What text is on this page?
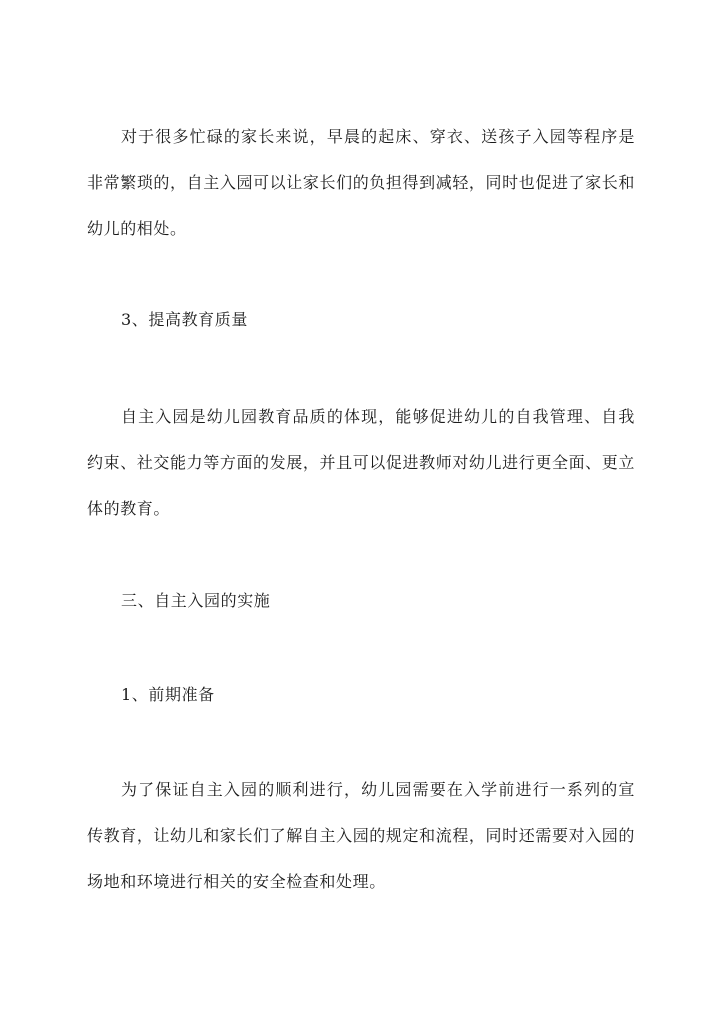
对于很多忙碌的家长来说，早晨的起床、穿衣、送孩子入园等程序是非常繁琐的，自主入园可以让家长们的负担得到减轻，同时也促进了家长和幼儿的相处。

3、提高教育质量

自主入园是幼儿园教育品质的体现，能够促进幼儿的自我管理、自我约束、社交能力等方面的发展，并且可以促进教师对幼儿进行更全面、更立体的教育。

三、自主入园的实施

1、前期准备

为了保证自主入园的顺利进行，幼儿园需要在入学前进行一系列的宣传教育，让幼儿和家长们了解自主入园的规定和流程，同时还需要对入园的场地和环境进行相关的安全检查和处理。
